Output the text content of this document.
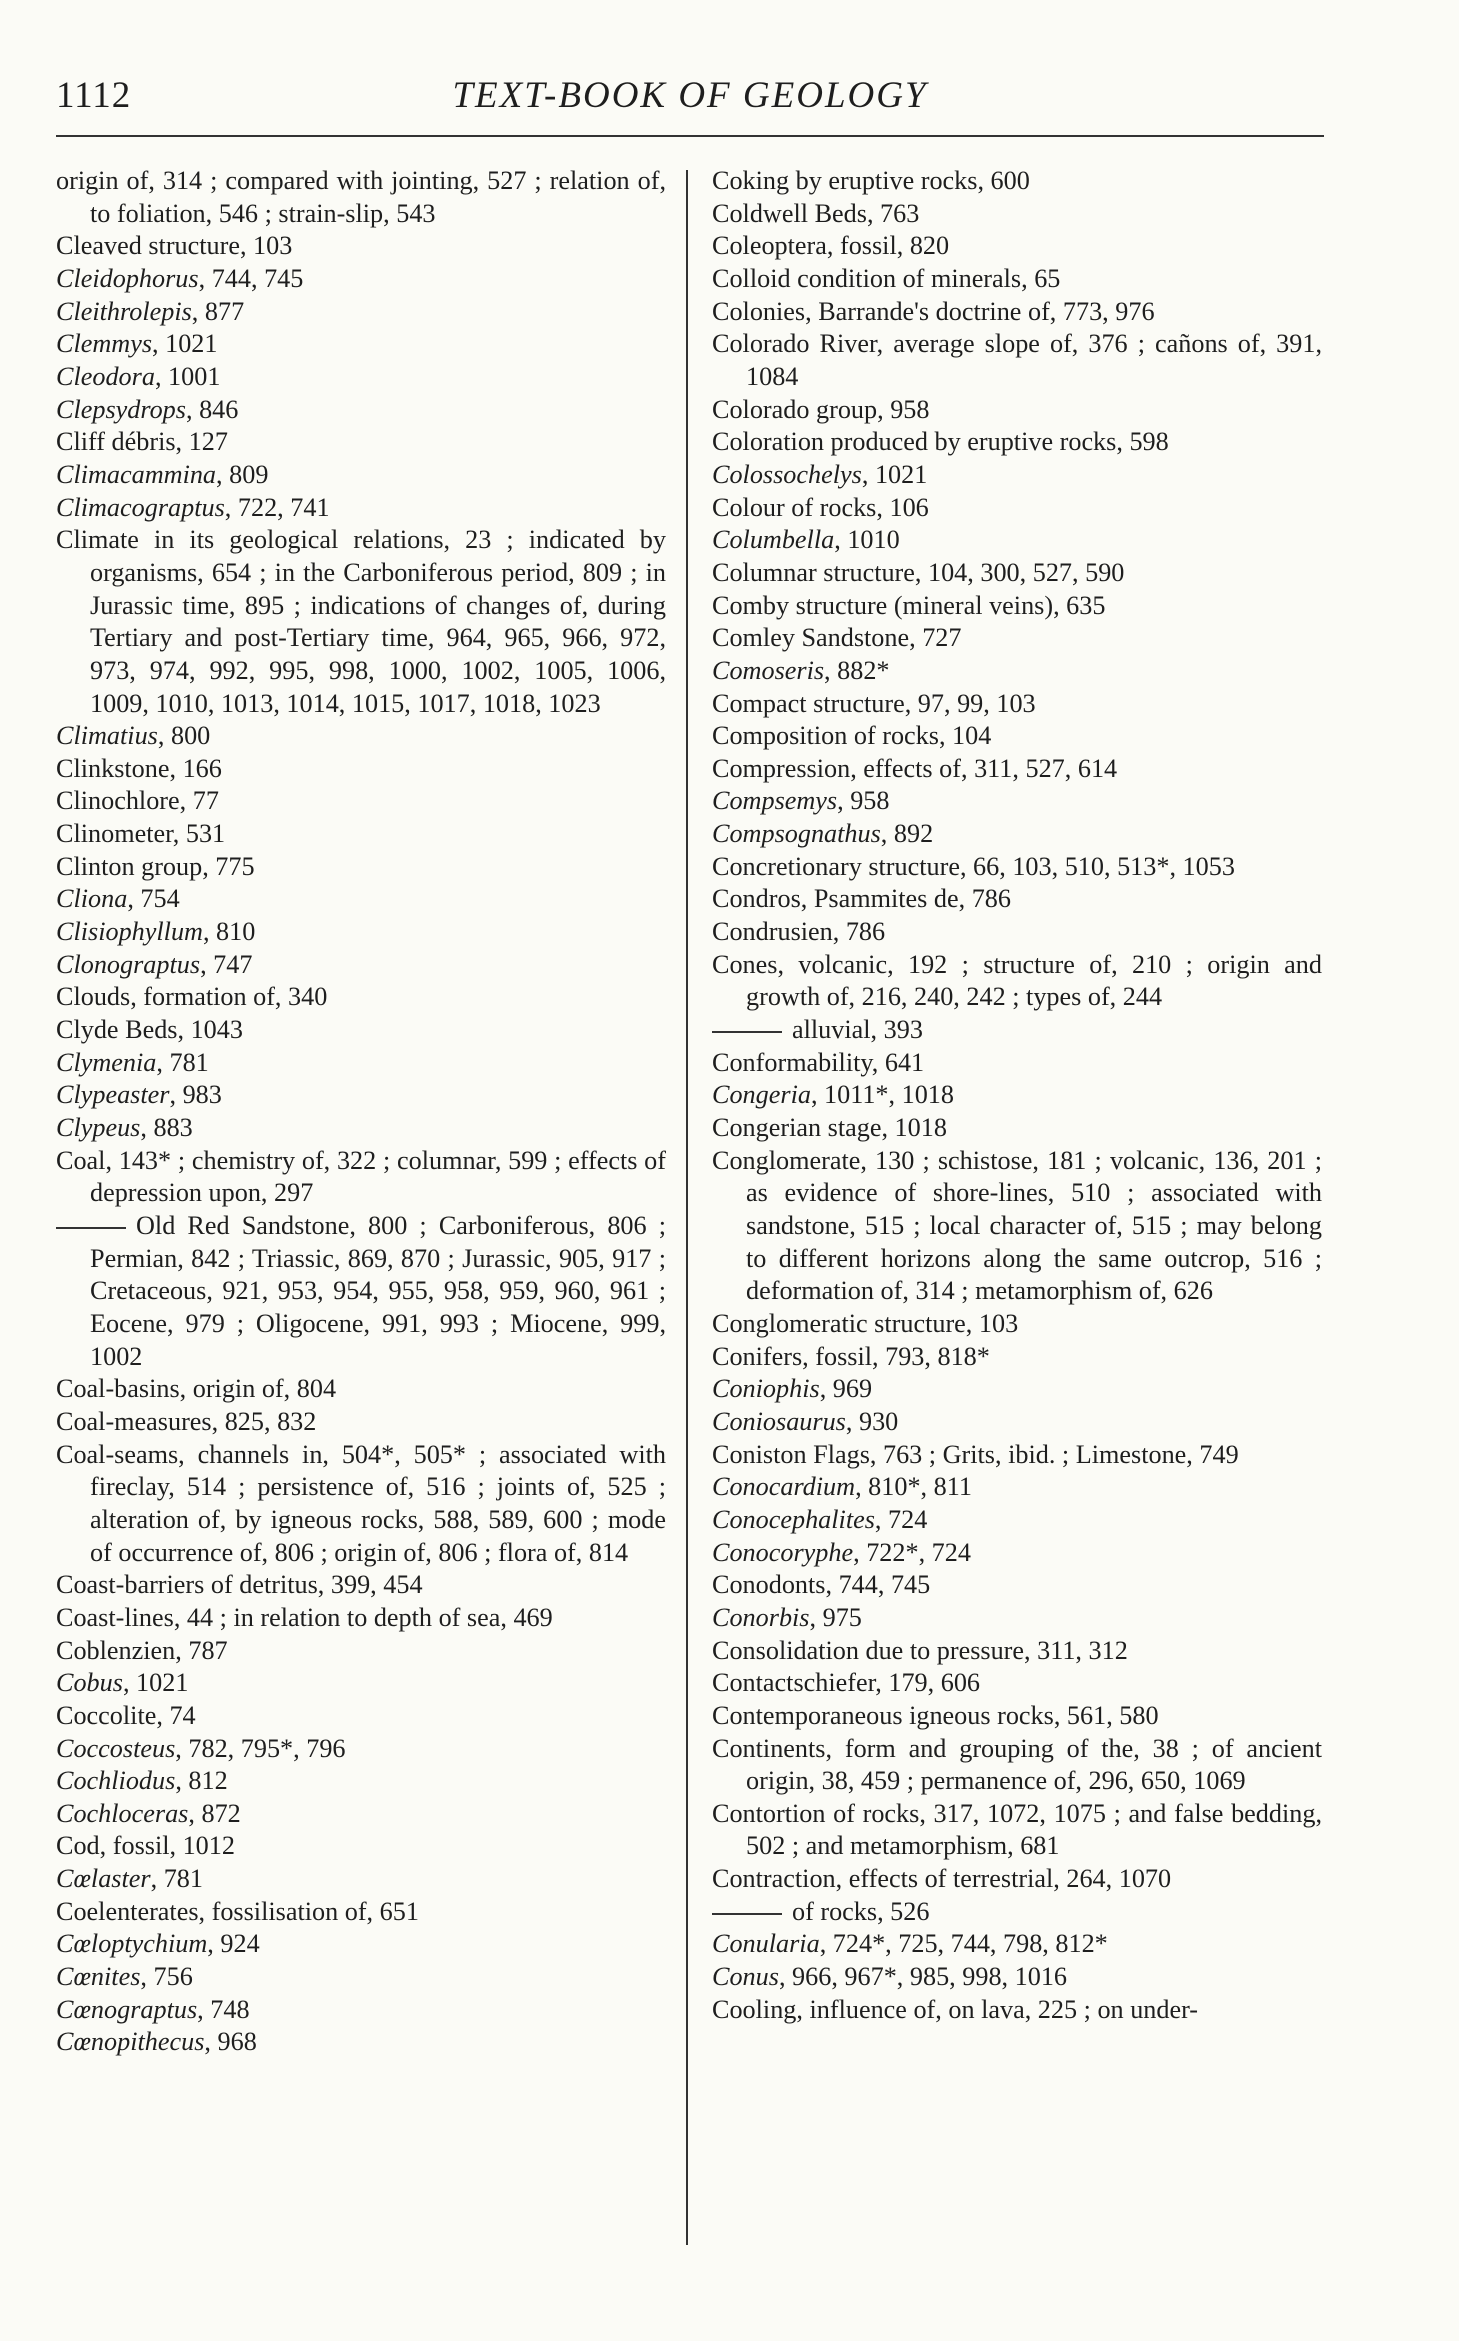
1112	TEXT-BOOK OF GEOLOGY
origin of, 314 ; compared with jointing, 527 ; relation of, to foliation, 546 ; strain-slip, 543
Cleaved structure, 103
Cleidophorus, 744, 745
Cleithrolepis, 877
Clemmys, 1021
Cleodora, 1001
Clepsydrops, 846
Cliff débris, 127
Climacammina, 809
Climacograptus, 722, 741
Climate in its geological relations, 23 ; indicated by organisms, 654 ; in the Carboniferous period, 809 ; in Jurassic time, 895 ; indications of changes of, during Tertiary and post-Tertiary time, 964, 965, 966, 972, 973, 974, 992, 995, 998, 1000, 1002, 1005, 1006, 1009, 1010, 1013, 1014, 1015, 1017, 1018, 1023
Climatius, 800
Clinkstone, 166
Clinochlore, 77
Clinometer, 531
Clinton group, 775
Cliona, 754
Clisiophyllum, 810
Clonograptus, 747
Clouds, formation of, 340
Clyde Beds, 1043
Clymenia, 781
Clypeaster, 983
Clypeus, 883
Coal, 143* ; chemistry of, 322 ; columnar, 599 ; effects of depression upon, 297
Old Red Sandstone, 800 ; Carboniferous, 806 ; Permian, 842 ; Triassic, 869, 870 ; Jurassic, 905, 917 ; Cretaceous, 921, 953, 954, 955, 958, 959, 960, 961 ; Eocene, 979 ; Oligocene, 991, 993 ; Miocene, 999, 1002
Coal-basins, origin of, 804
Coal-measures, 825, 832
Coal-seams, channels in, 504*, 505* ; associated with fireclay, 514 ; persistence of, 516 ; joints of, 525 ; alteration of, by igneous rocks, 588, 589, 600 ; mode of occurrence of, 806 ; origin of, 806 ; flora of, 814
Coast-barriers of detritus, 399, 454
Coast-lines, 44 ; in relation to depth of sea, 469
Coblenzien, 787
Cobus, 1021
Coccolite, 74
Coccosteus, 782, 795*, 796
Cochliodus, 812
Cochloceras, 872
Cod, fossil, 1012
Cœlaster, 781
Coelenterates, fossilisation of, 651
Cœloptychium, 924
Cœnites, 756
Cœnograptus, 748
Cœnopithecus, 968
Coking by eruptive rocks, 600
Coldwell Beds, 763
Coleoptera, fossil, 820
Colloid condition of minerals, 65
Colonies, Barrande's doctrine of, 773, 976
Colorado River, average slope of, 376 ; cañons of, 391, 1084
Colorado group, 958
Coloration produced by eruptive rocks, 598
Colossochelys, 1021
Colour of rocks, 106
Columbella, 1010
Columnar structure, 104, 300, 527, 590
Comby structure (mineral veins), 635
Comley Sandstone, 727
Comoseris, 882*
Compact structure, 97, 99, 103
Composition of rocks, 104
Compression, effects of, 311, 527, 614
Compsemys, 958
Compsognathus, 892
Concretionary structure, 66, 103, 510, 513*, 1053
Condros, Psammites de, 786
Condrusien, 786
Cones, volcanic, 192 ; structure of, 210 ; origin and growth of, 216, 240, 242 ; types of, 244
alluvial, 393
Conformability, 641
Congeria, 1011*, 1018
Congerian stage, 1018
Conglomerate, 130 ; schistose, 181 ; volcanic, 136, 201 ; as evidence of shore-lines, 510 ; associated with sandstone, 515 ; local character of, 515 ; may belong to different horizons along the same outcrop, 516 ; deformation of, 314 ; metamorphism of, 626
Conglomeratic structure, 103
Conifers, fossil, 793, 818*
Coniophis, 969
Coniosaurus, 930
Coniston Flags, 763 ; Grits, ibid. ; Limestone, 749
Conocardium, 810*, 811
Conocephalites, 724
Conocoryphe, 722*, 724
Conodonts, 744, 745
Conorbis, 975
Consolidation due to pressure, 311, 312
Contactschiefer, 179, 606
Contemporaneous igneous rocks, 561, 580
Continents, form and grouping of the, 38 ; of ancient origin, 38, 459 ; permanence of, 296, 650, 1069
Contortion of rocks, 317, 1072, 1075 ; and false bedding, 502 ; and metamorphism, 681
Contraction, effects of terrestrial, 264, 1070
of rocks, 526
Conularia, 724*, 725, 744, 798, 812*
Conus, 966, 967*, 985, 998, 1016
Cooling, influence of, on lava, 225 ; on under-
